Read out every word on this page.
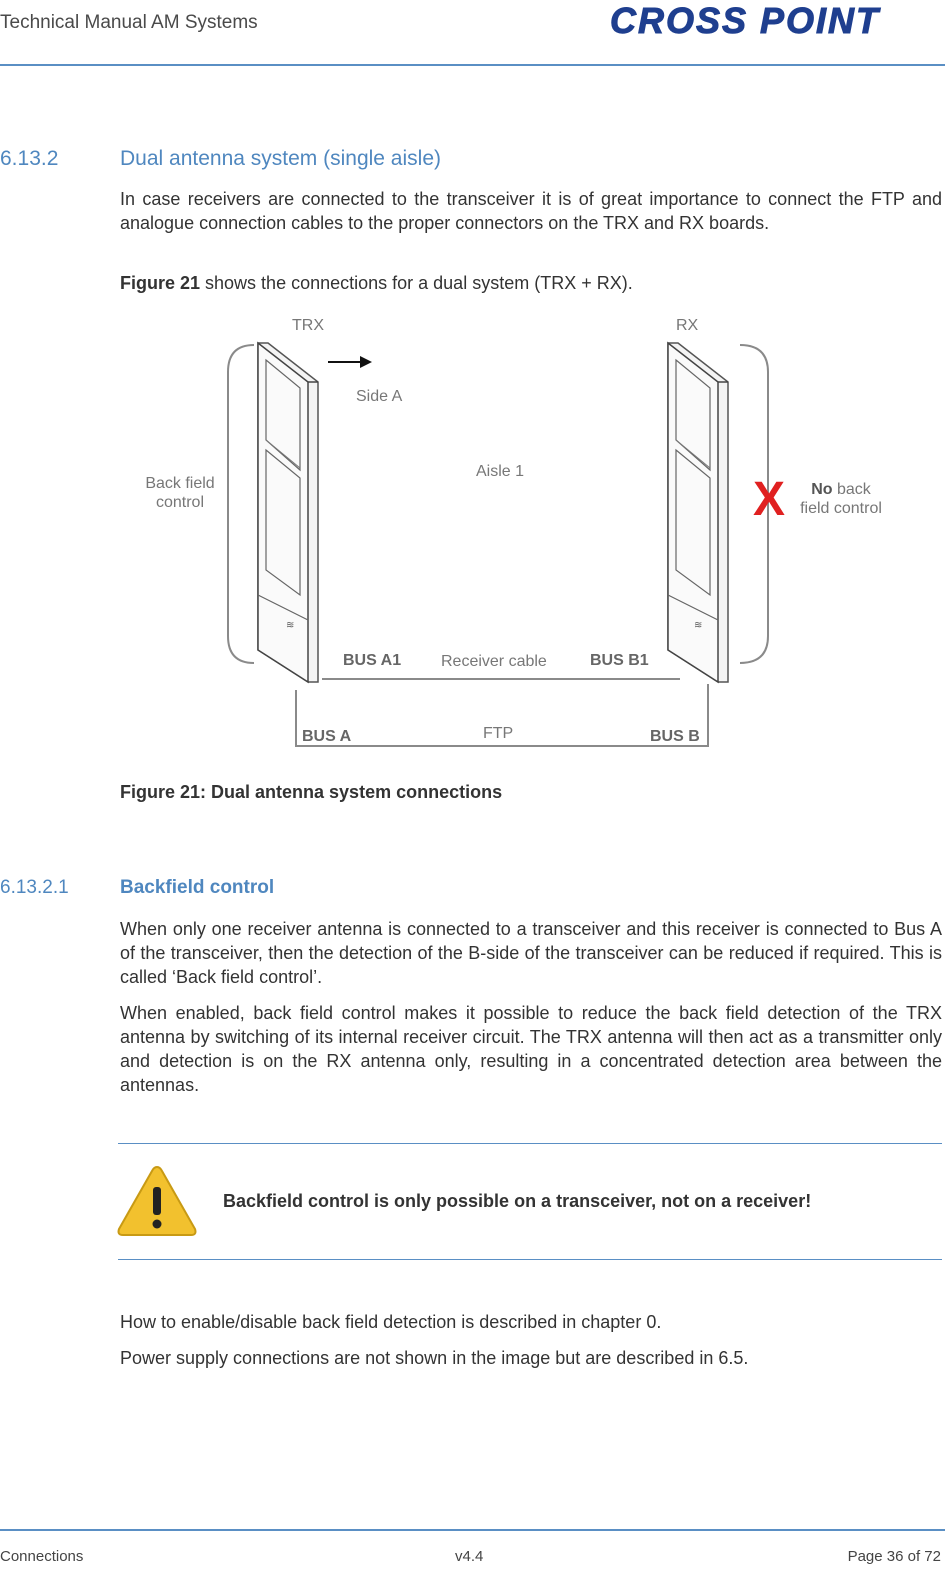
Technical Manual AM Systems	CROSS POINT
6.13.2	Dual antenna system (single aisle)
In case receivers are connected to the transceiver it is of great importance to connect the FTP and analogue connection cables to the proper connectors on the TRX and RX boards.
Figure 21 shows the connections for a dual system (TRX + RX).
≋	≋
TRX	RX
Side A
Aisle 1
Back field
control	X No back
field control
BUS A1 Receiver cable	BUS B1
BUS A	FTP	BUS B
Figure 21: Dual antenna system connections
6.13.2.1	Backfield control
When only one receiver antenna is connected to a transceiver and this receiver is connected to Bus A of the transceiver, then the detection of the B-side of the transceiver can be reduced if required. This is called ‘Back field control’.
When enabled, back field control makes it possible to reduce the back field detection of the TRX antenna by switching of its internal receiver circuit. The TRX antenna will then act as a transmitter only and detection is on the RX antenna only, resulting in a concentrated detection area between the antennas.
Backfield control is only possible on a transceiver, not on a receiver!
How to enable/disable back field detection is described in chapter 0.
Power supply connections are not shown in the image but are described in 6.5.
Connections	v4.4	Page 36 of 72
